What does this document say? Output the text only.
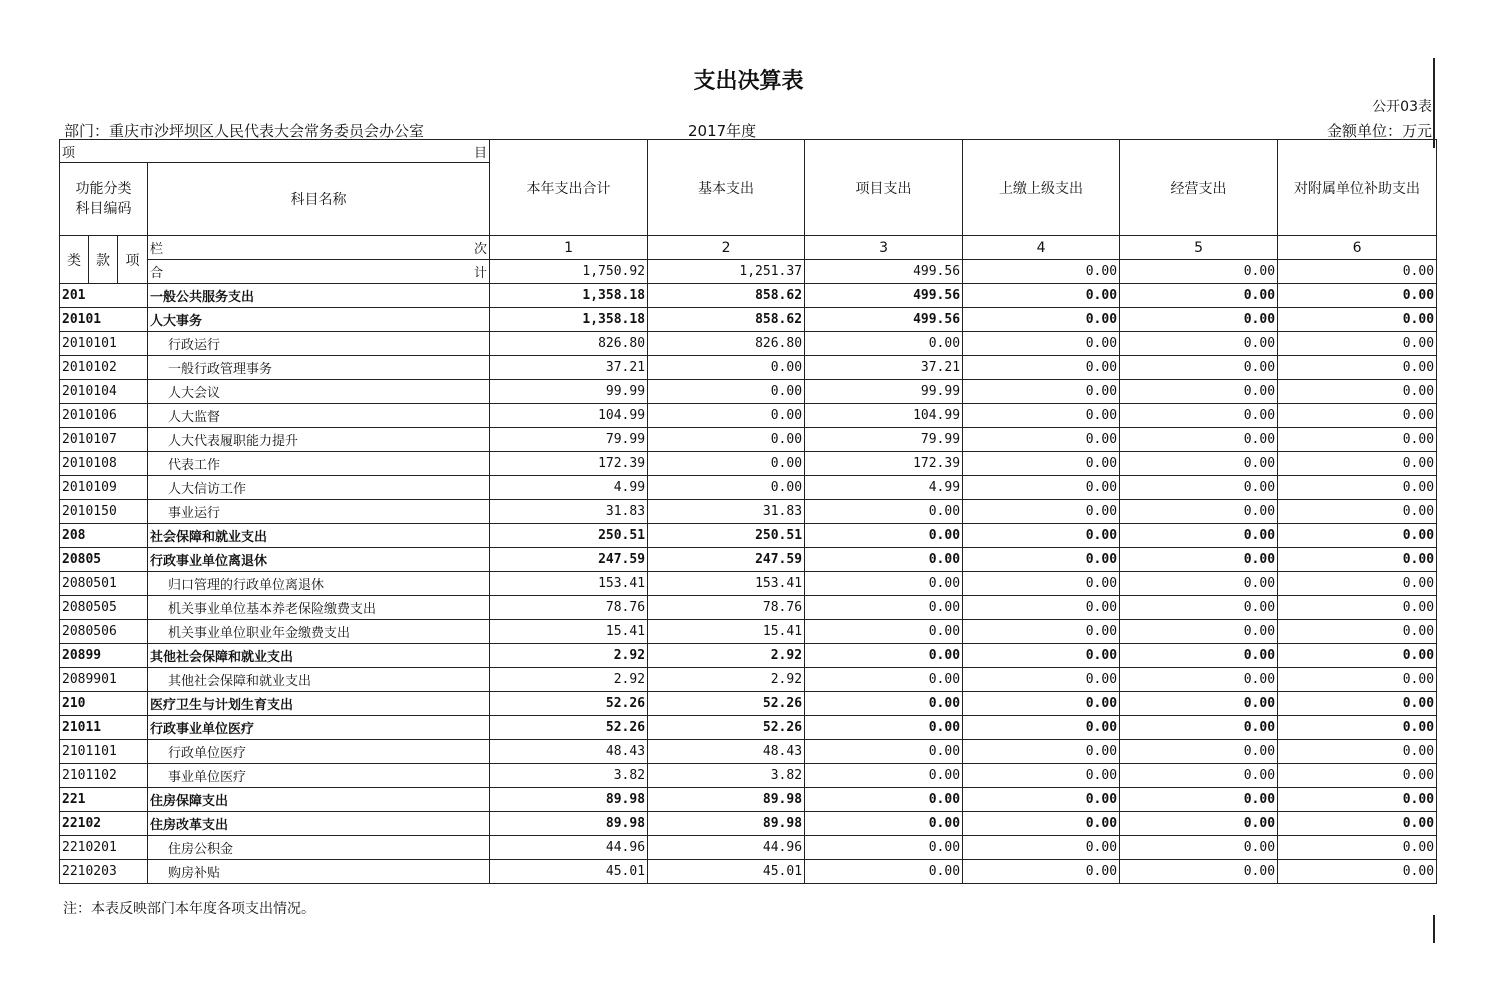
支出决算表
公开03表
部门：重庆市沙坪坝区人民代表大会常务委员会办公室	2017年度	金额单位：万元
项 目				本年支出合计	基本支出	项目支出	上缴上级支出	经营支出	对附属单位补助支出
功能分类
科目编码			科目名称						
类	款	项	栏 次	1	2	3	4	5	6

			合 计	1,750.92	1,251.37	499.56	0.00	0.00	0.00
201			一般公共服务支出	1,358.18	858.62	499.56	0.00	0.00	0.00
20101			人大事务	1,358.18	858.62	499.56	0.00	0.00	0.00
2010101			行政运行	826.80	826.80	0.00	0.00	0.00	0.00
2010102			一般行政管理事务	37.21	0.00	37.21	0.00	0.00	0.00
2010104			人大会议	99.99	0.00	99.99	0.00	0.00	0.00
2010106			人大监督	104.99	0.00	104.99	0.00	0.00	0.00
2010107			人大代表履职能力提升	79.99	0.00	79.99	0.00	0.00	0.00
2010108			代表工作	172.39	0.00	172.39	0.00	0.00	0.00
2010109			人大信访工作	4.99	0.00	4.99	0.00	0.00	0.00
2010150			事业运行	31.83	31.83	0.00	0.00	0.00	0.00
208			社会保障和就业支出	250.51	250.51	0.00	0.00	0.00	0.00
20805			行政事业单位离退休	247.59	247.59	0.00	0.00	0.00	0.00
2080501			归口管理的行政单位离退休	153.41	153.41	0.00	0.00	0.00	0.00
2080505			机关事业单位基本养老保险缴费支出	78.76	78.76	0.00	0.00	0.00	0.00
2080506			机关事业单位职业年金缴费支出	15.41	15.41	0.00	0.00	0.00	0.00
20899			其他社会保障和就业支出	2.92	2.92	0.00	0.00	0.00	0.00
2089901			其他社会保障和就业支出	2.92	2.92	0.00	0.00	0.00	0.00
210			医疗卫生与计划生育支出	52.26	52.26	0.00	0.00	0.00	0.00
21011			行政事业单位医疗	52.26	52.26	0.00	0.00	0.00	0.00
2101101			行政单位医疗	48.43	48.43	0.00	0.00	0.00	0.00
2101102			事业单位医疗	3.82	3.82	0.00	0.00	0.00	0.00
221			住房保障支出	89.98	89.98	0.00	0.00	0.00	0.00
22102			住房改革支出	89.98	89.98	0.00	0.00	0.00	0.00
2210201			住房公积金	44.96	44.96	0.00	0.00	0.00	0.00
2210203			购房补贴	45.01	45.01	0.00	0.00	0.00	0.00
注：本表反映部门本年度各项支出情况。
